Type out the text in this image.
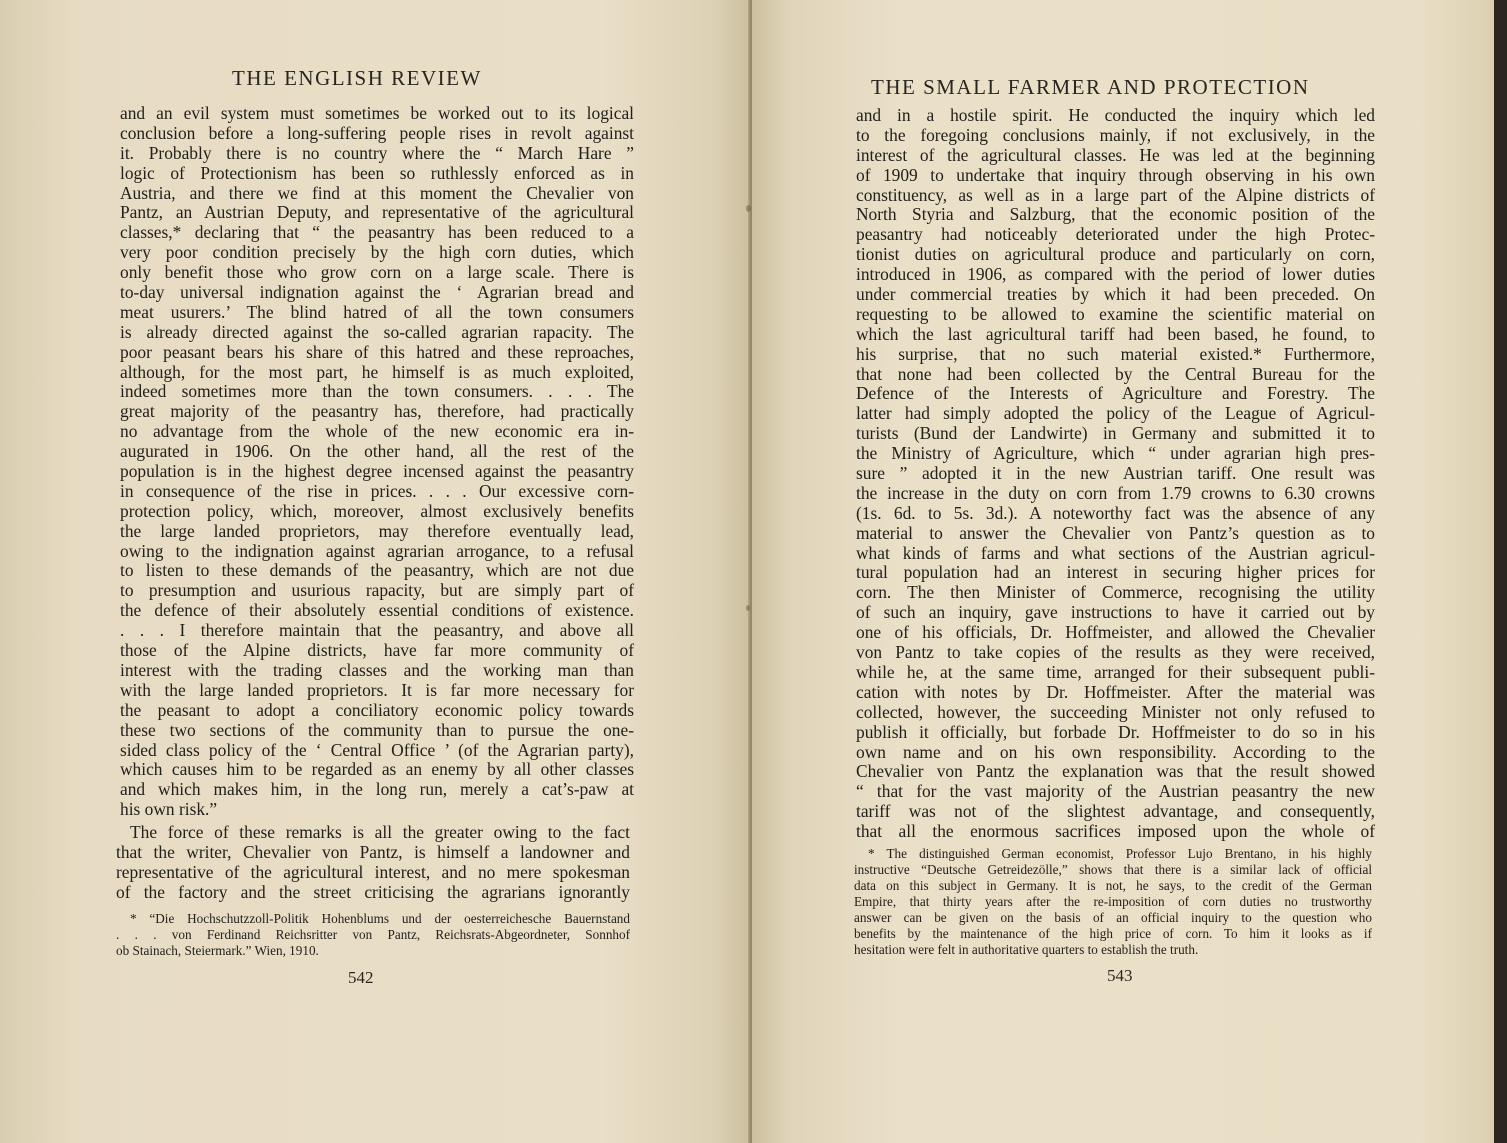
THE ENGLISH REVIEW
and an evil system must sometimes be worked out to its logical
conclusion before a long-suffering people rises in revolt against
it. Probably there is no country where the “ March Hare ”
logic of Protectionism has been so ruthlessly enforced as in
Austria, and there we find at this moment the Chevalier von
Pantz, an Austrian Deputy, and representative of the agricultural
classes,* declaring that “ the peasantry has been reduced to a
very poor condition precisely by the high corn duties, which
only benefit those who grow corn on a large scale. There is
to-day universal indignation against the ‘ Agrarian bread and
meat usurers.’ The blind hatred of all the town consumers
is already directed against the so-called agrarian rapacity. The
poor peasant bears his share of this hatred and these reproaches,
although, for the most part, he himself is as much exploited,
indeed sometimes more than the town consumers. . . . The
great majority of the peasantry has, therefore, had practically
no advantage from the whole of the new economic era in-
augurated in 1906. On the other hand, all the rest of the
population is in the highest degree incensed against the peasantry
in consequence of the rise in prices. . . . Our excessive corn-
protection policy, which, moreover, almost exclusively benefits
the large landed proprietors, may therefore eventually lead,
owing to the indignation against agrarian arrogance, to a refusal
to listen to these demands of the peasantry, which are not due
to presumption and usurious rapacity, but are simply part of
the defence of their absolutely essential conditions of existence.
. . . I therefore maintain that the peasantry, and above all
those of the Alpine districts, have far more community of
interest with the trading classes and the working man than
with the large landed proprietors. It is far more necessary for
the peasant to adopt a conciliatory economic policy towards
these two sections of the community than to pursue the one-
sided class policy of the ‘ Central Office ’ (of the Agrarian party),
which causes him to be regarded as an enemy by all other classes
and which makes him, in the long run, merely a cat’s-paw at
his own risk.”
The force of these remarks is all the greater owing to the fact
that the writer, Chevalier von Pantz, is himself a landowner and
representative of the agricultural interest, and no mere spokesman
of the factory and the street criticising the agrarians ignorantly
* “Die Hochschutzzoll-Politik Hohenblums und der oesterreichesche Bauernstand
. . . von Ferdinand Reichsritter von Pantz, Reichsrats-Abgeordneter, Sonnhof
ob Stainach, Steiermark.” Wien, 1910.
542
THE SMALL FARMER AND PROTECTION
and in a hostile spirit. He conducted the inquiry which led
to the foregoing conclusions mainly, if not exclusively, in the
interest of the agricultural classes. He was led at the beginning
of 1909 to undertake that inquiry through observing in his own
constituency, as well as in a large part of the Alpine districts of
North Styria and Salzburg, that the economic position of the
peasantry had noticeably deteriorated under the high Protec-
tionist duties on agricultural produce and particularly on corn,
introduced in 1906, as compared with the period of lower duties
under commercial treaties by which it had been preceded. On
requesting to be allowed to examine the scientific material on
which the last agricultural tariff had been based, he found, to
his surprise, that no such material existed.* Furthermore,
that none had been collected by the Central Bureau for the
Defence of the Interests of Agriculture and Forestry. The
latter had simply adopted the policy of the League of Agricul-
turists (Bund der Landwirte) in Germany and submitted it to
the Ministry of Agriculture, which “ under agrarian high pres-
sure ” adopted it in the new Austrian tariff. One result was
the increase in the duty on corn from 1.79 crowns to 6.30 crowns
(1s. 6d. to 5s. 3d.). A noteworthy fact was the absence of any
material to answer the Chevalier von Pantz’s question as to
what kinds of farms and what sections of the Austrian agricul-
tural population had an interest in securing higher prices for
corn. The then Minister of Commerce, recognising the utility
of such an inquiry, gave instructions to have it carried out by
one of his officials, Dr. Hoffmeister, and allowed the Chevalier
von Pantz to take copies of the results as they were received,
while he, at the same time, arranged for their subsequent publi-
cation with notes by Dr. Hoffmeister. After the material was
collected, however, the succeeding Minister not only refused to
publish it officially, but forbade Dr. Hoffmeister to do so in his
own name and on his own responsibility. According to the
Chevalier von Pantz the explanation was that the result showed
“ that for the vast majority of the Austrian peasantry the new
tariff was not of the slightest advantage, and consequently,
that all the enormous sacrifices imposed upon the whole of
* The distinguished German economist, Professor Lujo Brentano, in his highly
instructive “Deutsche Getreidezölle,” shows that there is a similar lack of official
data on this subject in Germany. It is not, he says, to the credit of the German
Empire, that thirty years after the re-imposition of corn duties no trustworthy
answer can be given on the basis of an official inquiry to the question who
benefits by the maintenance of the high price of corn. To him it looks as if
hesitation were felt in authoritative quarters to establish the truth.
543
